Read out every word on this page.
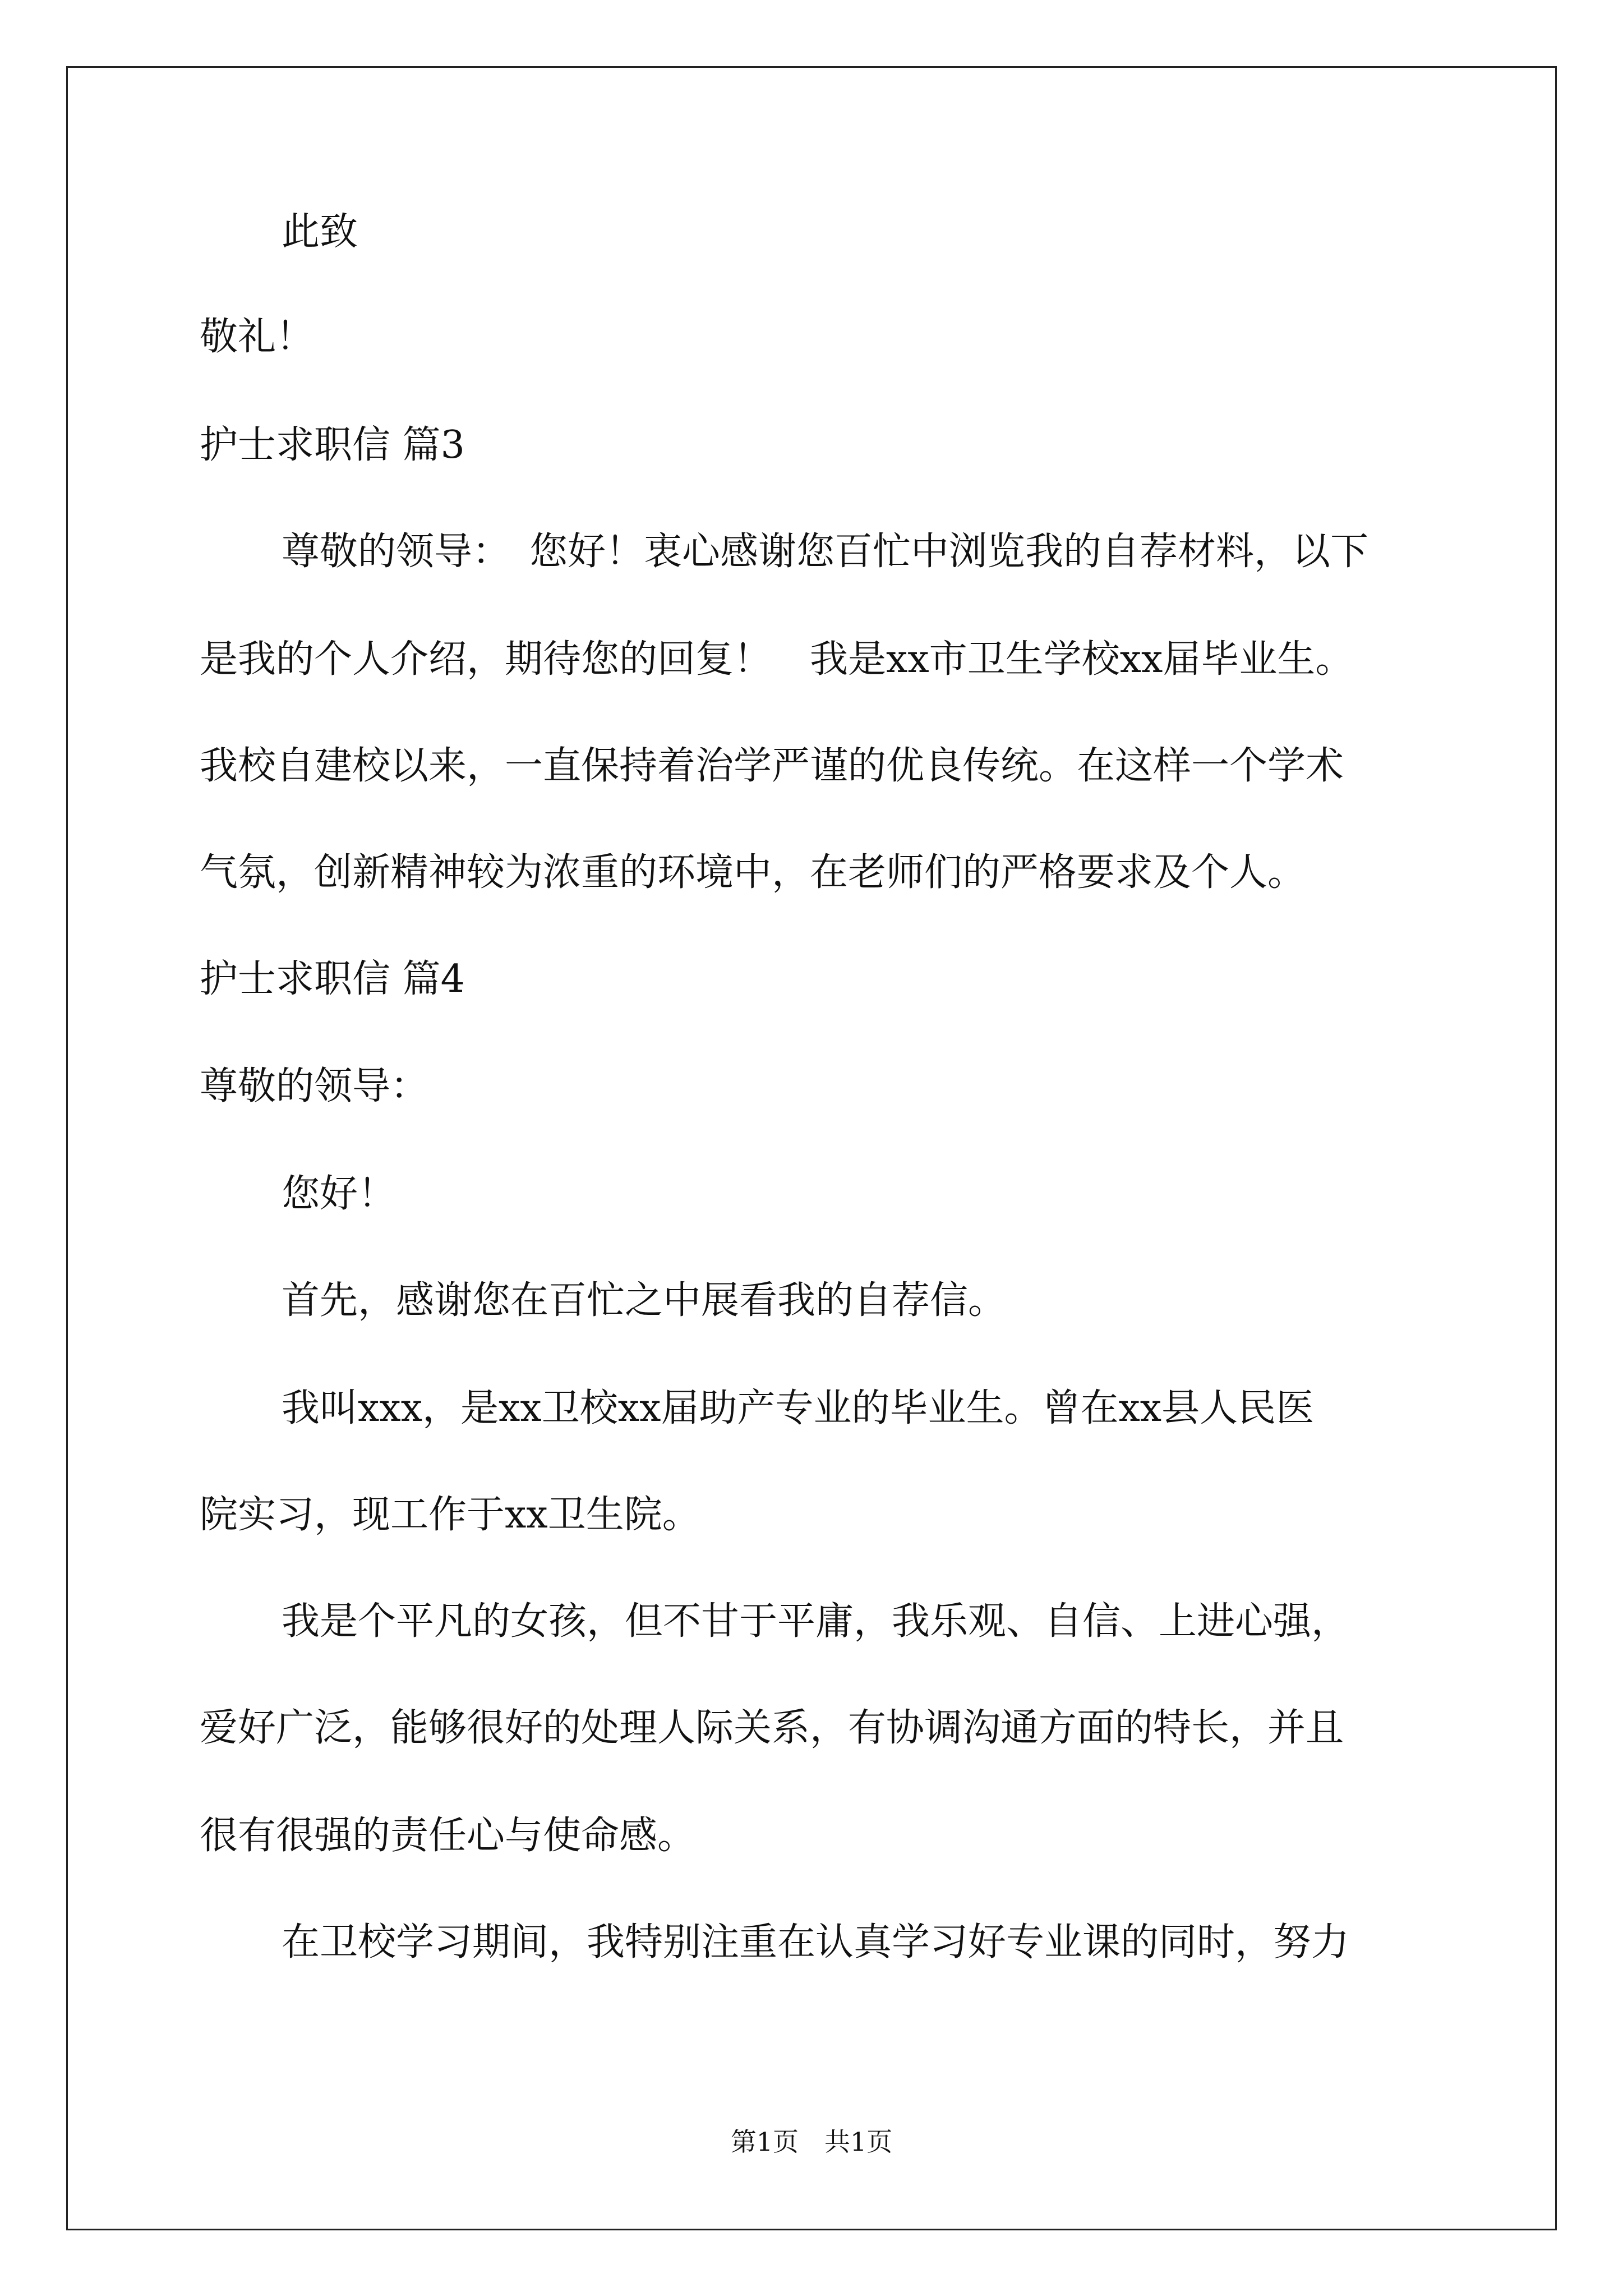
此致
敬礼！
护士求职信 篇3
尊敬的领导：　您好！衷心感谢您百忙中浏览我的自荐材料，以下
是我的个人介绍，期待您的回复！　我是xx市卫生学校xx届毕业生。
我校自建校以来，一直保持着治学严谨的优良传统。在这样一个学术
气氛，创新精神较为浓重的环境中，在老师们的严格要求及个人。
护士求职信 篇4
尊敬的领导：
您好！
首先，感谢您在百忙之中展看我的自荐信。
我叫xxx，是xx卫校xx届助产专业的毕业生。曾在xx县人民医
院实习，现工作于xx卫生院。
我是个平凡的女孩，但不甘于平庸，我乐观、自信、上进心强，
爱好广泛，能够很好的处理人际关系，有协调沟通方面的特长，并且
很有很强的责任心与使命感。
在卫校学习期间，我特别注重在认真学习好专业课的同时，努力
第1页　共1页
